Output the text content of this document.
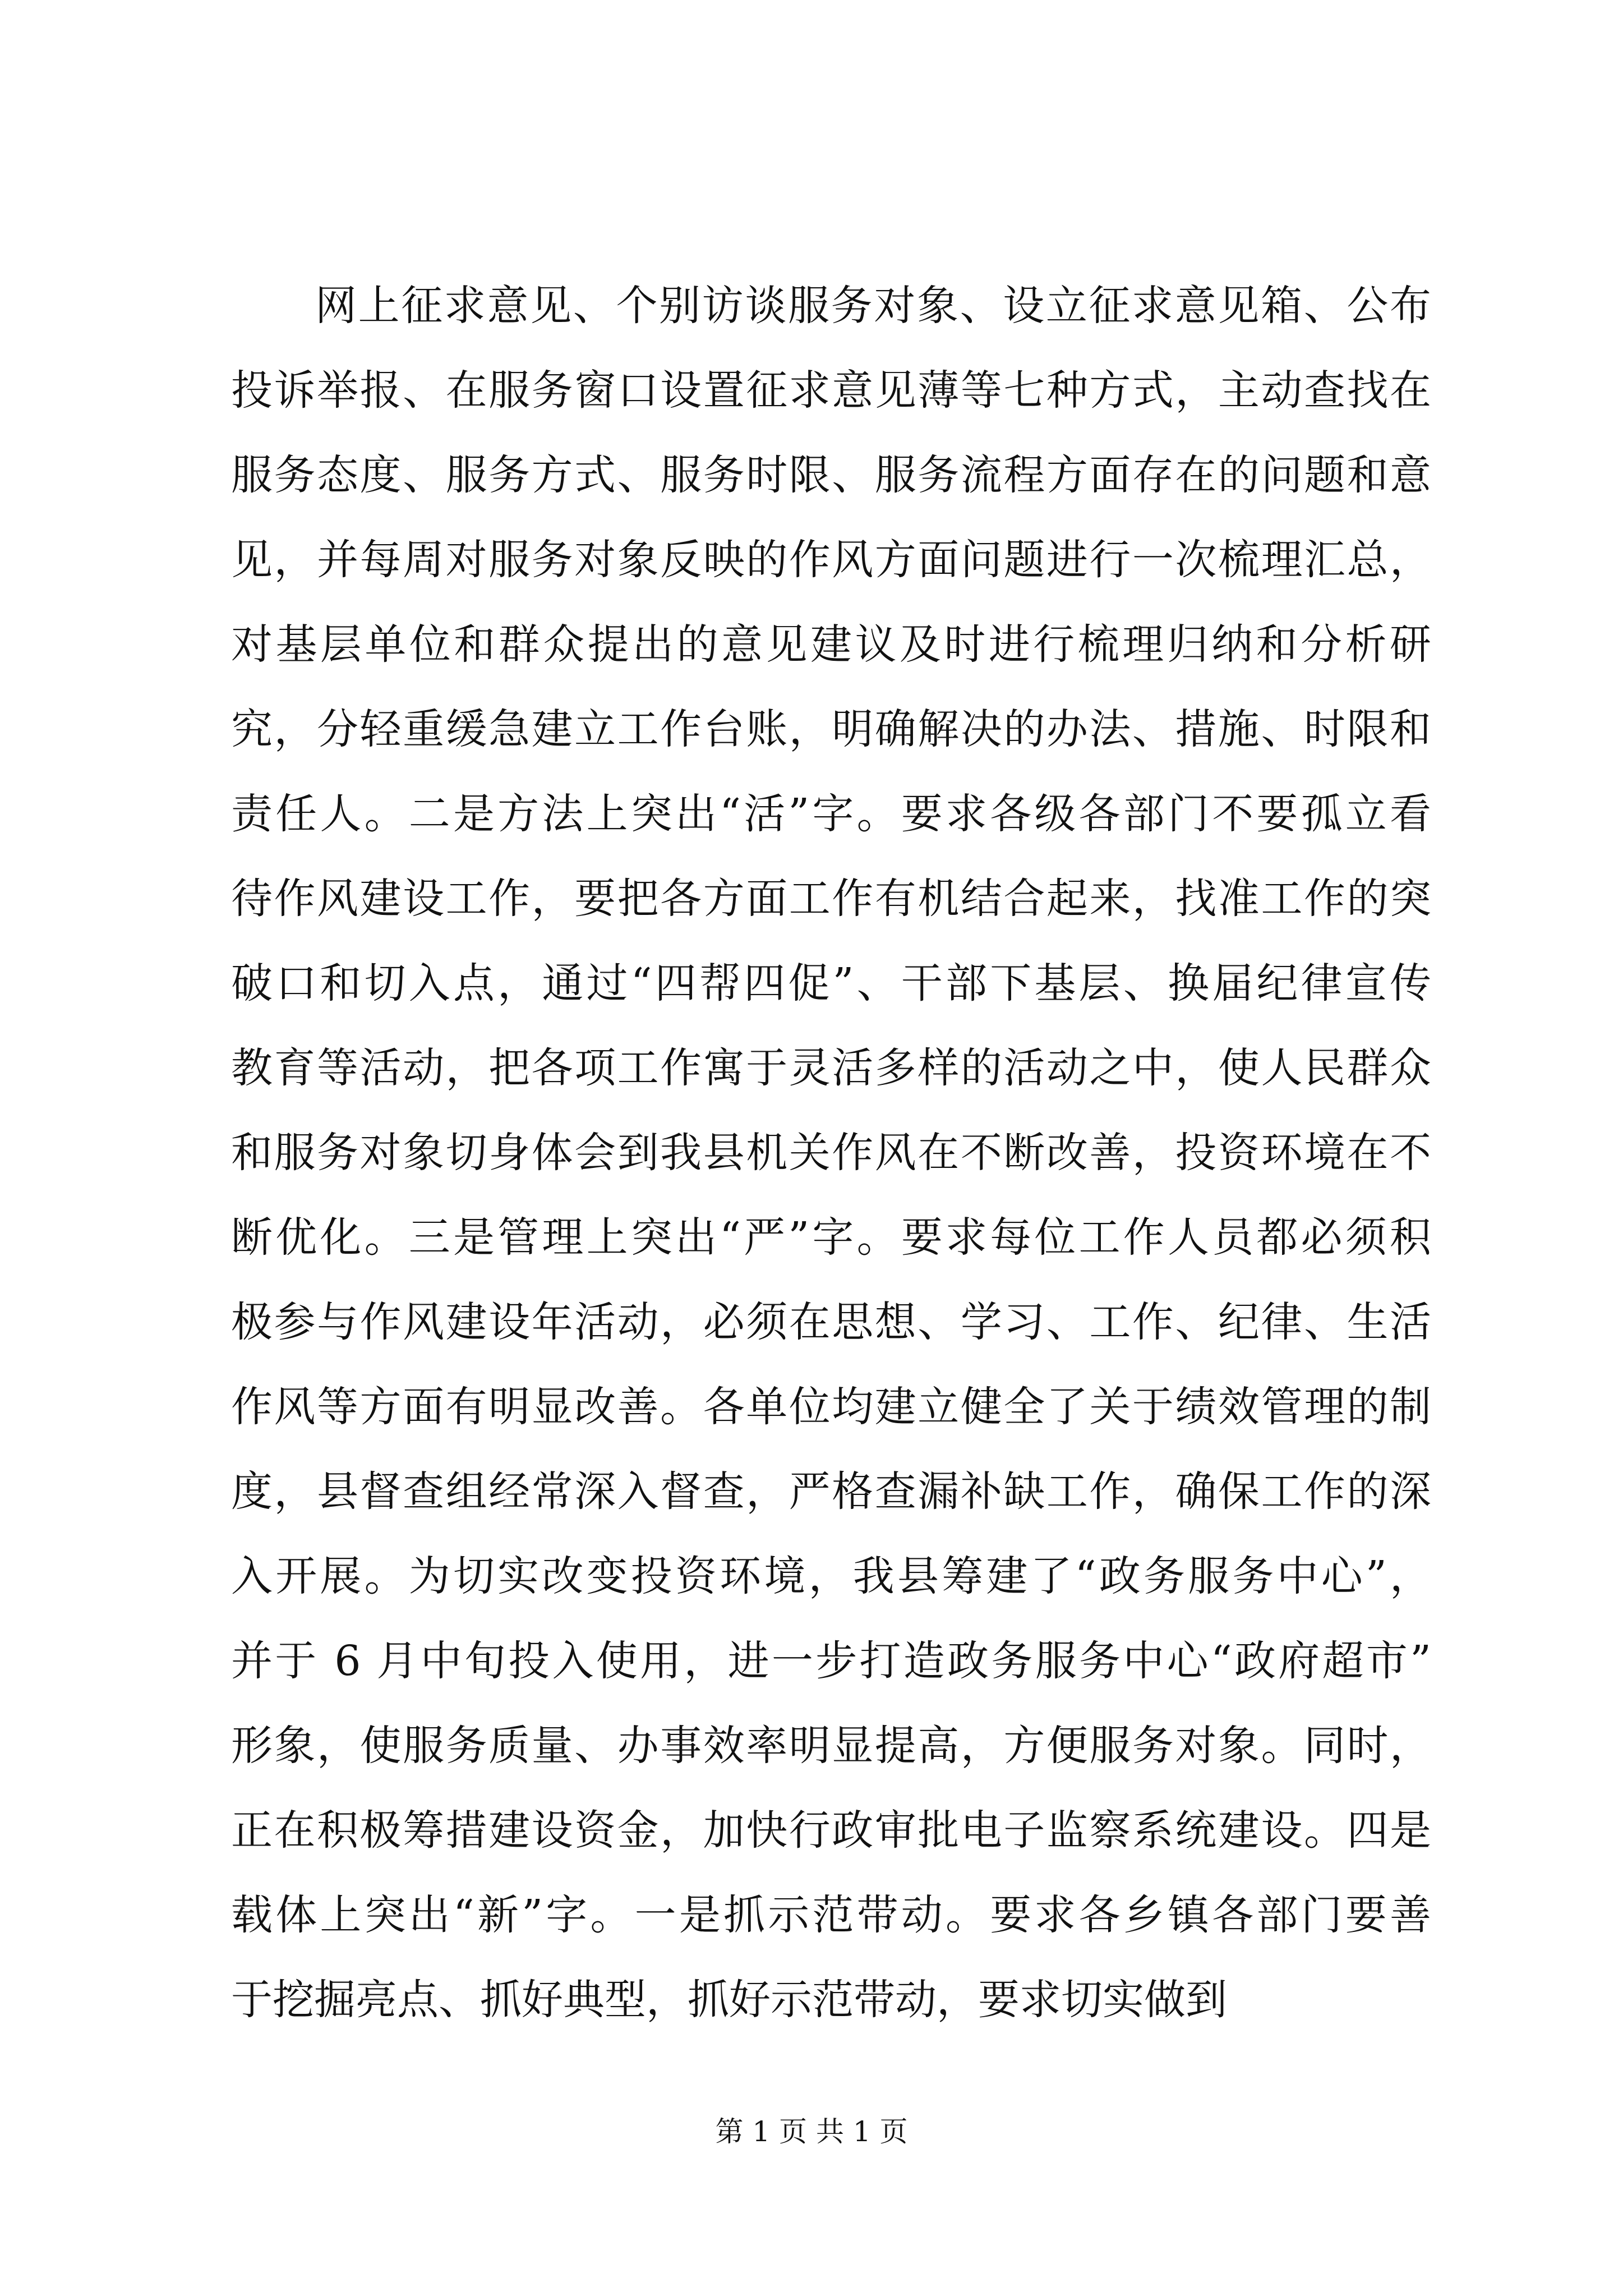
网上征求意见、个别访谈服务对象、设立征求意见箱、公布
投诉举报、在服务窗口设置征求意见薄等七种方式，主动查找在
服务态度、服务方式、服务时限、服务流程方面存在的问题和意
见，并每周对服务对象反映的作风方面问题进行一次梳理汇总，
对基层单位和群众提出的意见建议及时进行梳理归纳和分析研
究，分轻重缓急建立工作台账，明确解决的办法、措施、时限和
责任人。二是方法上突出“活”字。要求各级各部门不要孤立看
待作风建设工作，要把各方面工作有机结合起来，找准工作的突
破口和切入点，通过“四帮四促”、干部下基层、换届纪律宣传
教育等活动，把各项工作寓于灵活多样的活动之中，使人民群众
和服务对象切身体会到我县机关作风在不断改善，投资环境在不
断优化。三是管理上突出“严”字。要求每位工作人员都必须积
极参与作风建设年活动，必须在思想、学习、工作、纪律、生活
作风等方面有明显改善。各单位均建立健全了关于绩效管理的制
度，县督查组经常深入督查，严格查漏补缺工作，确保工作的深
入开展。为切实改变投资环境，我县筹建了“政务服务中心”，
并于 6 月中旬投入使用，进一步打造政务服务中心“政府超市”
形象，使服务质量、办事效率明显提高，方便服务对象。同时，
正在积极筹措建设资金，加快行政审批电子监察系统建设。四是
载体上突出“新”字。一是抓示范带动。要求各乡镇各部门要善
于挖掘亮点、抓好典型，抓好示范带动，要求切实做到
第 1 页 共 1 页
